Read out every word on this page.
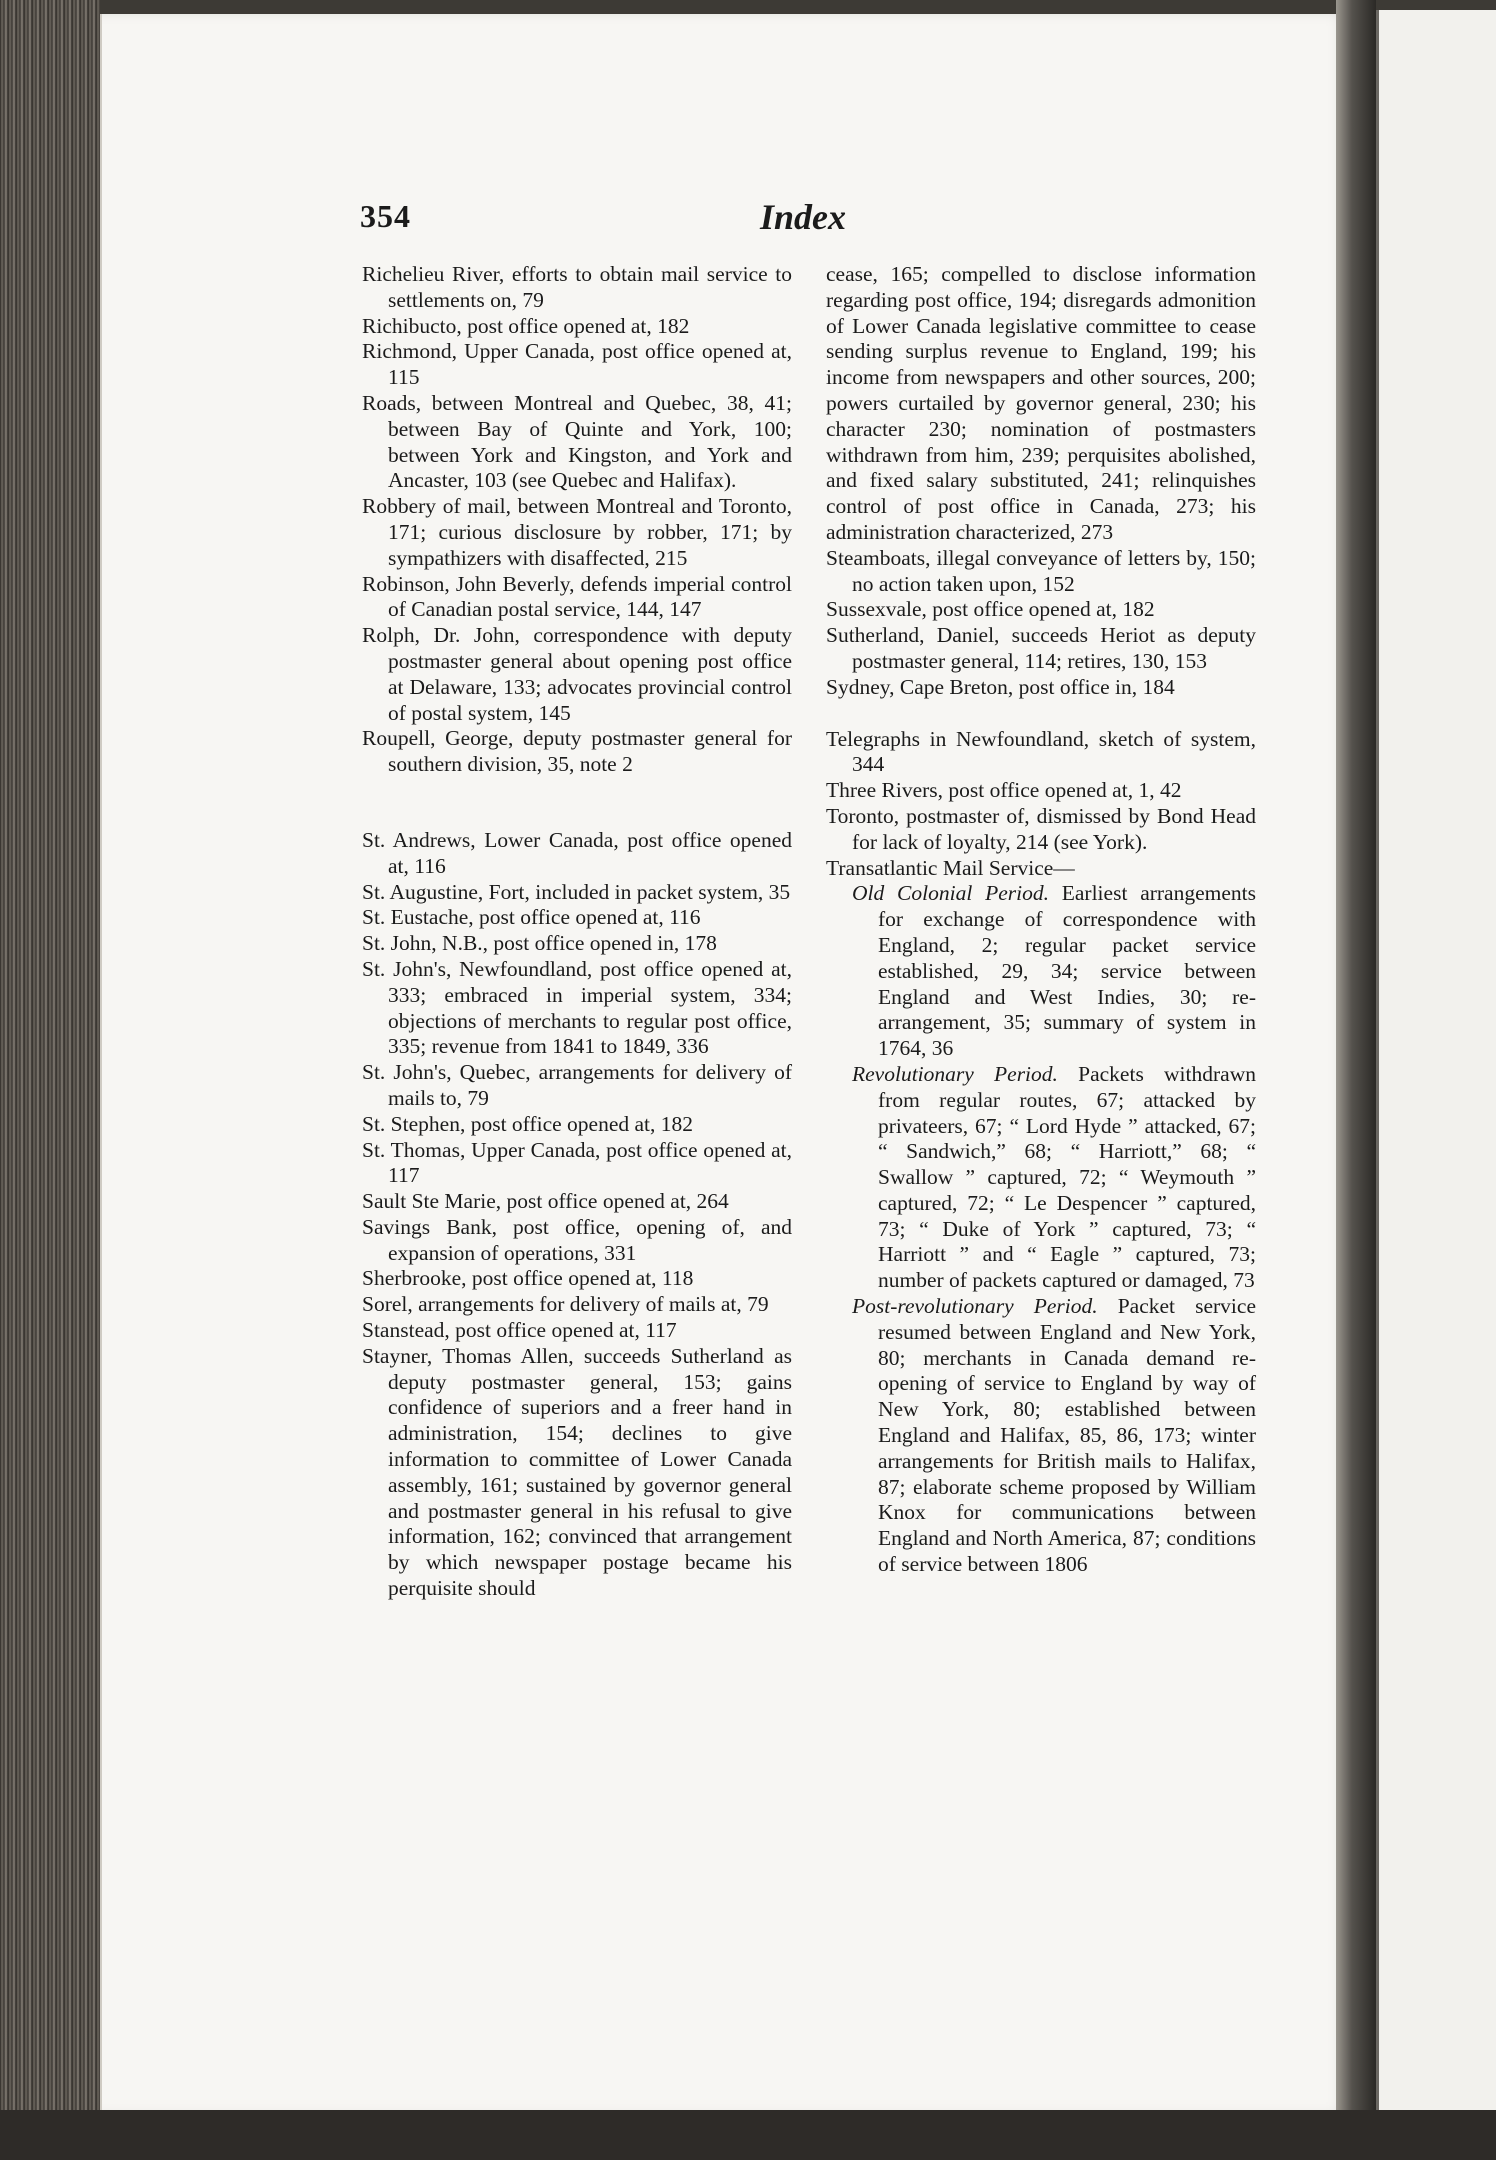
354	Index

Richelieu River, efforts to obtain mail service to settlements on, 79

Richibucto, post office opened at, 182

Richmond, Upper Canada, post office opened at, 115

Roads, between Montreal and Quebec, 38, 41; between Bay of Quinte and York, 100; between York and Kingston, and York and Ancaster, 103 (see Quebec and Halifax).

Robbery of mail, between Montreal and Toronto, 171; curious disclosure by robber, 171; by sympathizers with disaffected, 215

Robinson, John Beverly, defends imperial control of Canadian postal service, 144, 147

Rolph, Dr. John, correspondence with deputy postmaster general about opening post office at Delaware, 133; advocates provincial control of postal system, 145

Roupell, George, deputy postmaster general for southern division, 35, note 2

St. Andrews, Lower Canada, post office opened at, 116

St. Augustine, Fort, included in packet system, 35

St. Eustache, post office opened at, 116

St. John, N.B., post office opened in, 178

St. John's, Newfoundland, post office opened at, 333; embraced in imperial system, 334; objections of merchants to regular post office, 335; revenue from 1841 to 1849, 336

St. John's, Quebec, arrangements for delivery of mails to, 79

St. Stephen, post office opened at, 182

St. Thomas, Upper Canada, post office opened at, 117

Sault Ste Marie, post office opened at, 264

Savings Bank, post office, opening of, and expansion of operations, 331

Sherbrooke, post office opened at, 118

Sorel, arrangements for delivery of mails at, 79

Stanstead, post office opened at, 117

Stayner, Thomas Allen, succeeds Sutherland as deputy postmaster general, 153; gains confidence of superiors and a freer hand in administration, 154; declines to give information to committee of Lower Canada assembly, 161; sustained by governor general and postmaster general in his refusal to give information, 162; convinced that arrangement by which newspaper postage became his perquisite should

cease, 165; compelled to disclose information regarding post office, 194; disregards admonition of Lower Canada legislative committee to cease sending surplus revenue to England, 199; his income from newspapers and other sources, 200; powers curtailed by governor general, 230; his character 230; nomination of postmasters withdrawn from him, 239; perquisites abolished, and fixed salary substituted, 241; relinquishes control of post office in Canada, 273; his administration characterized, 273

Steamboats, illegal conveyance of letters by, 150; no action taken upon, 152

Sussexvale, post office opened at, 182

Sutherland, Daniel, succeeds Heriot as deputy postmaster general, 114; retires, 130, 153

Sydney, Cape Breton, post office in, 184

Telegraphs in Newfoundland, sketch of system, 344

Three Rivers, post office opened at, 1, 42

Toronto, postmaster of, dismissed by Bond Head for lack of loyalty, 214 (see York).

Transatlantic Mail Service—

Old Colonial Period. Earliest arrangements for exchange of correspondence with England, 2; regular packet service established, 29, 34; service between England and West Indies, 30; re-arrangement, 35; summary of system in 1764, 36

Revolutionary Period. Packets withdrawn from regular routes, 67; attacked by privateers, 67; “ Lord Hyde ” attacked, 67; “ Sandwich,” 68; “ Harriott,” 68; “ Swallow ” captured, 72; “ Weymouth ” captured, 72; “ Le Despencer ” captured, 73; “ Duke of York ” captured, 73; “ Harriott ” and “ Eagle ” captured, 73; number of packets captured or damaged, 73

Post-revolutionary Period. Packet service resumed between England and New York, 80; merchants in Canada demand re-opening of service to England by way of New York, 80; established between England and Halifax, 85, 86, 173; winter arrangements for British mails to Halifax, 87; elaborate scheme proposed by William Knox for communications between England and North America, 87; conditions of service between 1806
